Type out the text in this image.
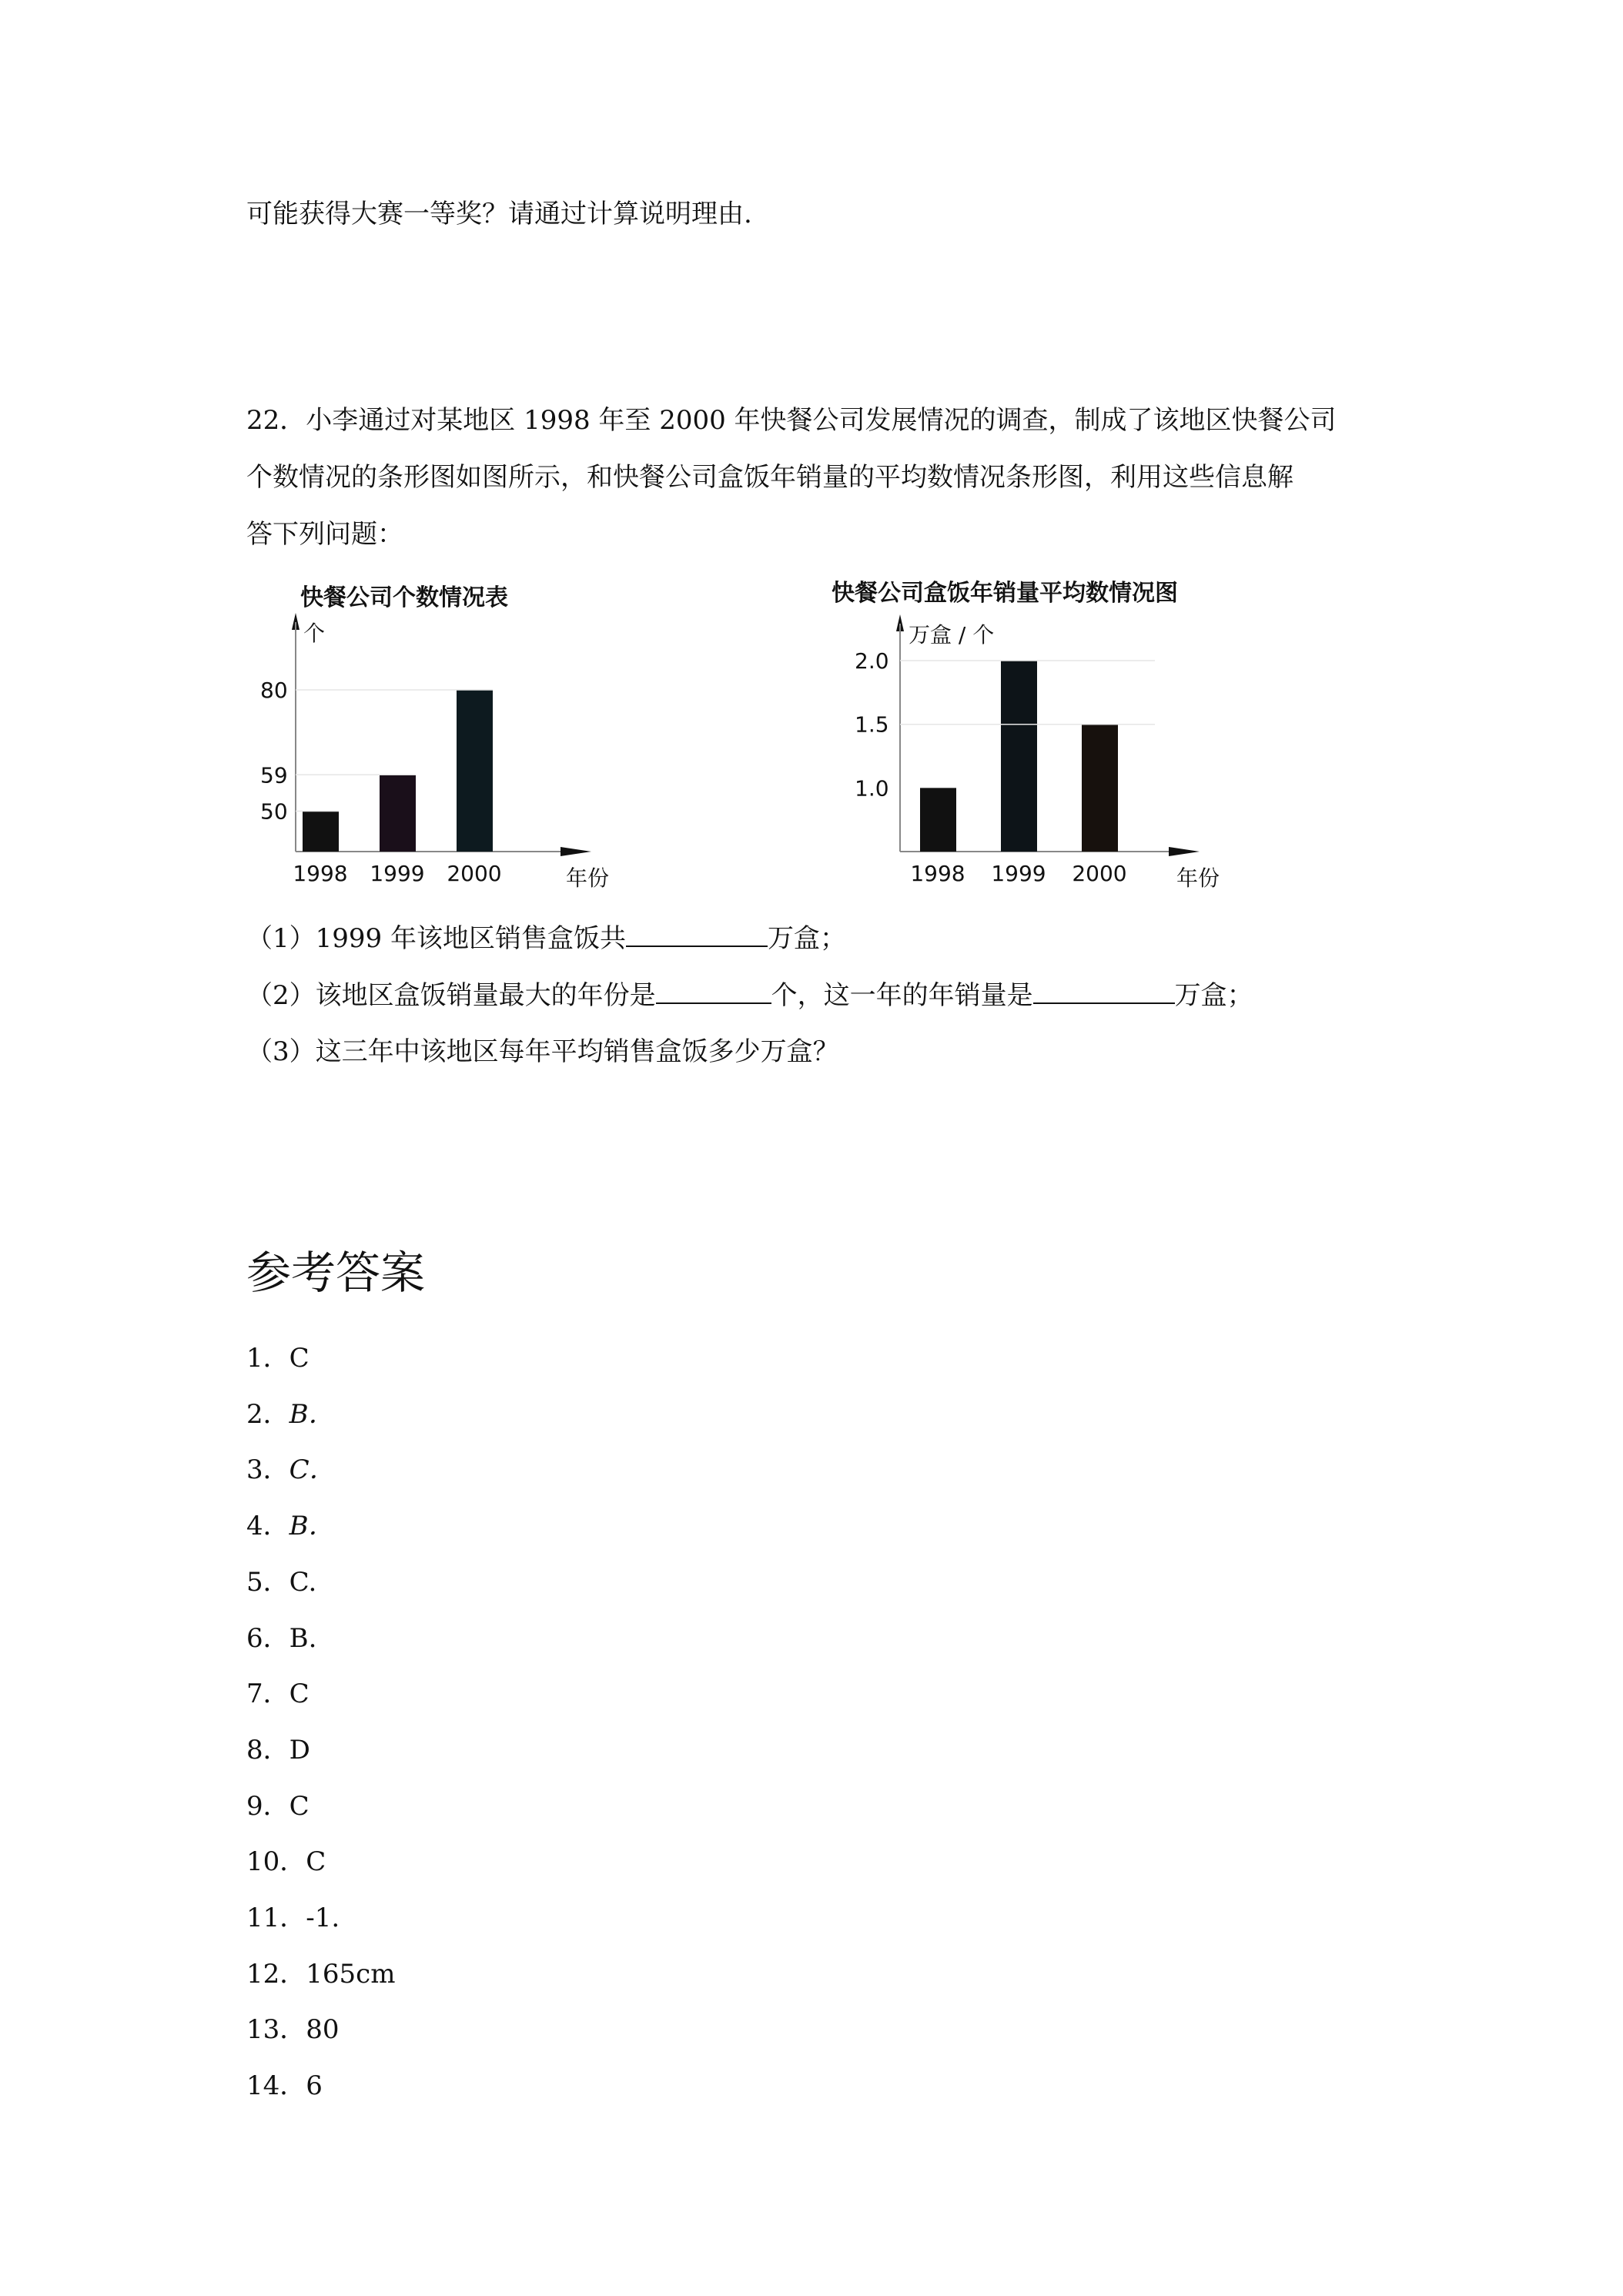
可能获得大赛一等奖？请通过计算说明理由.
22．小李通过对某地区 1998 年至 2000 年快餐公司发展情况的调查，制成了该地区快餐公司
个数情况的条形图如图所示，和快餐公司盒饭年销量的平均数情况条形图，利用这些信息解
答下列问题：
快餐公司个数情况表
个
年份
1998 1999 2000
80
59
50
快餐公司盒饭年销量平均数情况图
万盒 / 个
年份
1998 1999 2000
2.0
1.5
1.0
（1）1999 年该地区销售盒饭共	万盒；
（2）该地区盒饭销量最大的年份是	个，这一年的年销量是	万盒；
（3）这三年中该地区每年平均销售盒饭多少万盒？
参考答案
1．C
2．B．
3．C．
4．B．
5．C.
6．B.
7．C
8．D
9．C
10．C
11．-1.
12．165cm
13．80
14．6
